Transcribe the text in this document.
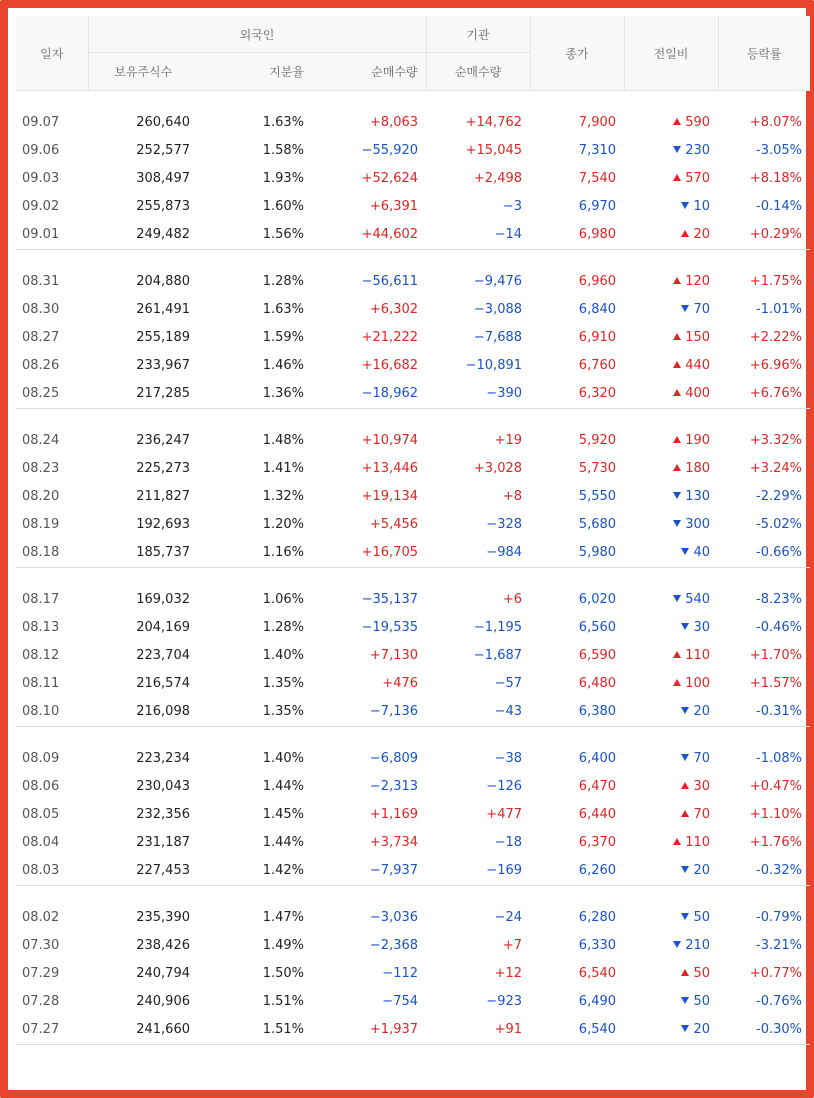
일자	외국인			기관	종가	전일비	등락률
	보유주식수	지분율	순매수량	순매수량			

09.07	260,640	1.63%	+8,063	+14,762	7,900	590	+8.07%
09.06	252,577	1.58%	−55,920	+15,045	7,310	230	-3.05%
09.03	308,497	1.93%	+52,624	+2,498	7,540	570	+8.18%
09.02	255,873	1.60%	+6,391	−3	6,970	10	-0.14%
09.01	249,482	1.56%	+44,602	−14	6,980	20	+0.29%

08.31	204,880	1.28%	−56,611	−9,476	6,960	120	+1.75%
08.30	261,491	1.63%	+6,302	−3,088	6,840	70	-1.01%
08.27	255,189	1.59%	+21,222	−7,688	6,910	150	+2.22%
08.26	233,967	1.46%	+16,682	−10,891	6,760	440	+6.96%
08.25	217,285	1.36%	−18,962	−390	6,320	400	+6.76%

08.24	236,247	1.48%	+10,974	+19	5,920	190	+3.32%
08.23	225,273	1.41%	+13,446	+3,028	5,730	180	+3.24%
08.20	211,827	1.32%	+19,134	+8	5,550	130	-2.29%
08.19	192,693	1.20%	+5,456	−328	5,680	300	-5.02%
08.18	185,737	1.16%	+16,705	−984	5,980	40	-0.66%

08.17	169,032	1.06%	−35,137	+6	6,020	540	-8.23%
08.13	204,169	1.28%	−19,535	−1,195	6,560	30	-0.46%
08.12	223,704	1.40%	+7,130	−1,687	6,590	110	+1.70%
08.11	216,574	1.35%	+476	−57	6,480	100	+1.57%
08.10	216,098	1.35%	−7,136	−43	6,380	20	-0.31%

08.09	223,234	1.40%	−6,809	−38	6,400	70	-1.08%
08.06	230,043	1.44%	−2,313	−126	6,470	30	+0.47%
08.05	232,356	1.45%	+1,169	+477	6,440	70	+1.10%
08.04	231,187	1.44%	+3,734	−18	6,370	110	+1.76%
08.03	227,453	1.42%	−7,937	−169	6,260	20	-0.32%

08.02	235,390	1.47%	−3,036	−24	6,280	50	-0.79%
07.30	238,426	1.49%	−2,368	+7	6,330	210	-3.21%
07.29	240,794	1.50%	−112	+12	6,540	50	+0.77%
07.28	240,906	1.51%	−754	−923	6,490	50	-0.76%
07.27	241,660	1.51%	+1,937	+91	6,540	20	-0.30%
